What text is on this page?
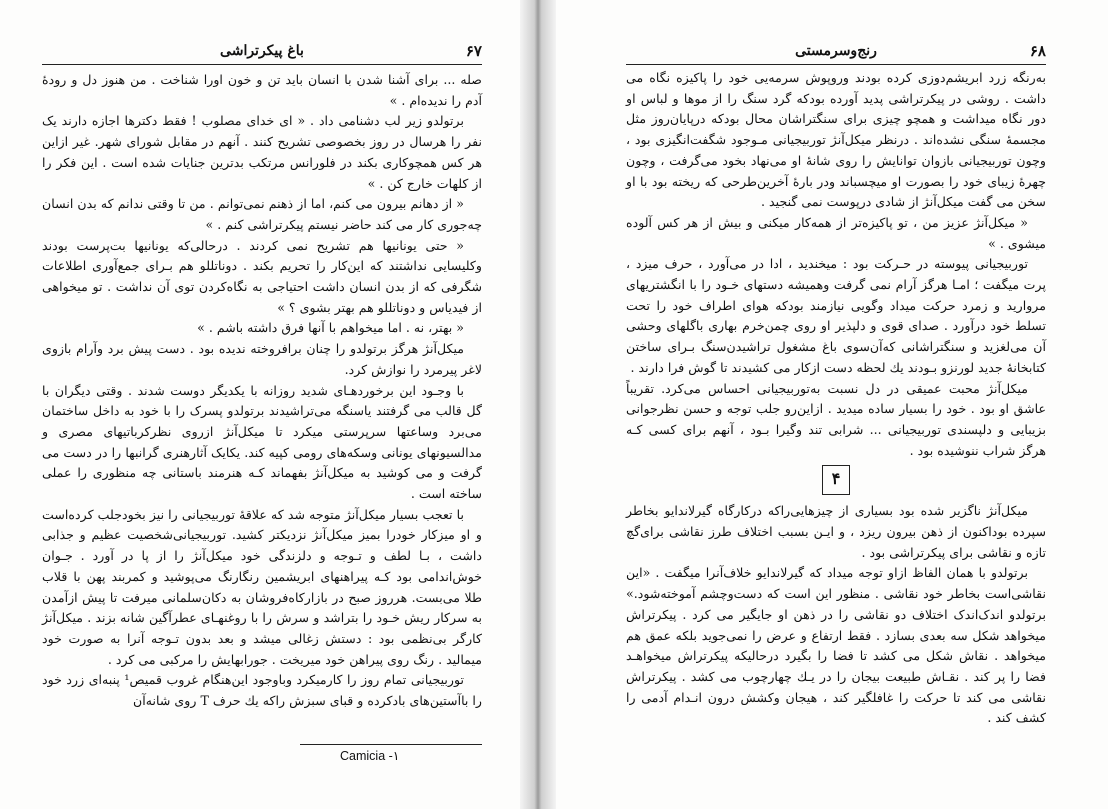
۶۷
باغ پیکرتراشی

صله ... برای آشنا شدن با انسان باید تن و خون اورا شناخت . من هنوز دل و رودهٔ آدم را ندیده‌ام . »

برتولدو زیر لب دشنامی داد . « ای خدای مصلوب ! فقط دکترها اجازه دارند یک نفر را هرسال در روز بخصوصی تشریح کنند . آنهم در مقابل شورای شهر. غیر ازاین هر کس همچوکاری بکند در فلورانس مرتکب بدترین جنایات شده است . این فکر را از کلهات خارج کن . »

« از دهانم بیرون می کنم، اما از ذهنم نمی‌توانم . من تا وقتی ندانم که بدن انسان چه‌جوری کار می کند حاضر نیستم پیکرتراشی کنم . »

« حتی یونانیها هم تشریح نمی کردند . درحالی‌که یونانیها بت‌پرست بودند وکلیسایی نداشتند که این‌کار را تحریم بکند . دوناتللو هم بـرای جمع‌آوری اطلاعات شگرفی که از بدن انسان داشت احتیاجی به نگاه‌کردن توی آن نداشت . تو میخواهی از فیدیاس و دوناتللو هم بهتر بشوی ؟ »

« بهتر، نه . اما میخواهم با آنها فرق داشته باشم . »

میکل‌آنژ هرگز برتولدو را چنان برافروخته ندیده بود . دست پیش برد وآرام بازوی لاغر پیرمرد را نوازش کرد.

با وجـود این برخوردهـای شدید روزانه با یکدیگر دوست شدند . وقتی دیگران با گل قالب می گرفتند یاسنگه می‌تراشیدند برتولدو پسرک را با خود به داخل ساختمان می‌برد وساعتها سرپرستی میکرد تا میکل‌آنژ ازروی نظرکرباتیهای مصری و مدالسیونهای یونانی وسکه‌های رومی کپیه کند. یکایک آثارهنری گرانبها را در دست می گرفت و می کوشید به میکل‌آنژ بفهماند کـه هنرمند باستانی چه منظوری را عملی ساخته است .

با تعجب بسیار میکل‌آنژ متوجه شد که علاقهٔ توربیجیانی را نیز بخودجلب کرده‌است و او میزکار خودرا بمیز میکل‌آنژ نزدیکتر کشید. توربیجیانی‌شخصیت عظیم و جذابی داشت ، بـا لطف و تـوجه و دلزندگی خود میکل‌آنژ را از پا در آورد . جـوان خوش‌اندامی بود کـه پیراهنهای ابریشمین رنگارنگ می‌پوشید و کمربند پهن با قلاب طلا می‌بست. هرروز صبح در بازارکاه‌فروشان به دکان‌سلمانی میرفت تا پیش ازآمدن به سرکار ریش خـود را بتراشد و سرش را با روغنهـای عطرآگین شانه بزند . میکل‌آنژ کارگر بی‌نظمی بود : دستش زغالی میشد و بعد بدون تـوجه آنرا به صورت خود میمالید . رنگ روی پیراهن خود میریخت . جورابهایش را مرکبی می کرد .

توربیجیانی تمام روز را کارمیکرد وباوجود این‌هنگام غروب قمیص¹ پنبه‌ای زرد خود را باآستین‌های بادکرده و قبای سبزش راکه یك حرف T روی شانه‌آن

Camicia -۱
۶۸
رنج‌وسرمستی

به‌رنگه زرد ابریشم‌دوزی کرده بودند وروپوش سرمه‌یی خود را پاکیزه نگاه می‌ داشت . روشی در پیکرتراشی پدید آورده بودکه گرد سنگ را از موها و لباس او دور نگاه میداشت و همچو چیزی برای سنگتراشان محال بودکه درپایان‌روز مثل مجسمهٔ سنگی نشده‌اند . درنظر میکل‌آنژ توربیجیانی مـوجود شگفت‌انگیزی بود ، وچون توربیجیانی بازوان توانایش را روی شانهٔ او می‌نهاد بخود می‌گرفت ، وچون چهرهٔ زیبای خود را بصورت او میچسباند ودر بارهٔ آخرین‌طرحی‌ که ریخته بود با او سخن می گفت میکل‌آنژ از شادی درپوست نمی گنجید .

« میکل‌آنژ عزیز من ، تو پاکیزه‌تر از همه‌کار میکنی و بیش از هر کس آلوده میشوی . »

توربیجیانی پیوسته در حـرکت بود : میخندید ، ادا در می‌آورد ، حرف میزد ، پرت میگفت ؛ امـا هرگز آرام نمی گرفت وهمیشه دستهای خـود را با انگشتریهای مروارید و زمرد حرکت میداد وگویی نیازمند بودکه هوای اطراف خود را تحت تسلط خود درآورد . صدای قوی و دلپذیر او روی چمن‌خرم بهاری باگلهای وحشی آن می‌لغزید و سنگتراشانی که‌آن‌سوی باغ مشغول تراشیدن‌سنگ بـرای ساختن کتابخانهٔ جدید لورنزو بـودند یك لحظه دست ازکار می کشیدند تا گوش فرا دارند .

میکل‌آنژ محبت عمیقی در دل نسبت به‌توربیجیانی احساس می‌کرد. تقریباً عاشق او بود . خود را بسیار ساده میدید . ازاین‌رو جلب توجه و حسن نظرجوانی بزیبایی و دلپسندی توربیجیانی ... شرابی تند وگیرا بـود ، آنهم برای کسی کـه هرگز شراب ننوشیده بود .

۴

میکل‌آنژ ناگزیر شده بود بسیاری از چیزهایی‌راکه درکارگاه گیرلاندایو بخاطر سپرده بوداکنون از ذهن بیرون ریزد ، و ایـن بسبب اختلاف طرز نقاشی برای‌گچ تازه و نقاشی برای پیکرتراشی بود .

برتولدو با همان الفاظ ازاو توجه میداد که گیرلاندایو خلاف‌آنرا میگفت . «این نقاشی‌است بخاطر خود نقاشی . منظور این است که دست‌وچشم آموخته‌شود.» برتولدو اندک‌اندک اختلاف دو نقاشی را در ذهن او جایگیر می کرد . پیکرتراش میخواهد شکل سه بعدی بسازد . فقط ارتفاع و عرض را نمی‌جوید بلکه عمق هم میخواهد . نقاش شکل می کشد تا فضا را بگیرد درحالیکه پیکرتراش میخواهـد فضا را پر کند . نقـاش طبیعت بیجان را در یـك چهارچوب می کشد . پیکرتراش نقاشی می کند تا حرکت را غافلگیر کند ، هیجان وکشش درون انـدام آدمی را کشف کند .
